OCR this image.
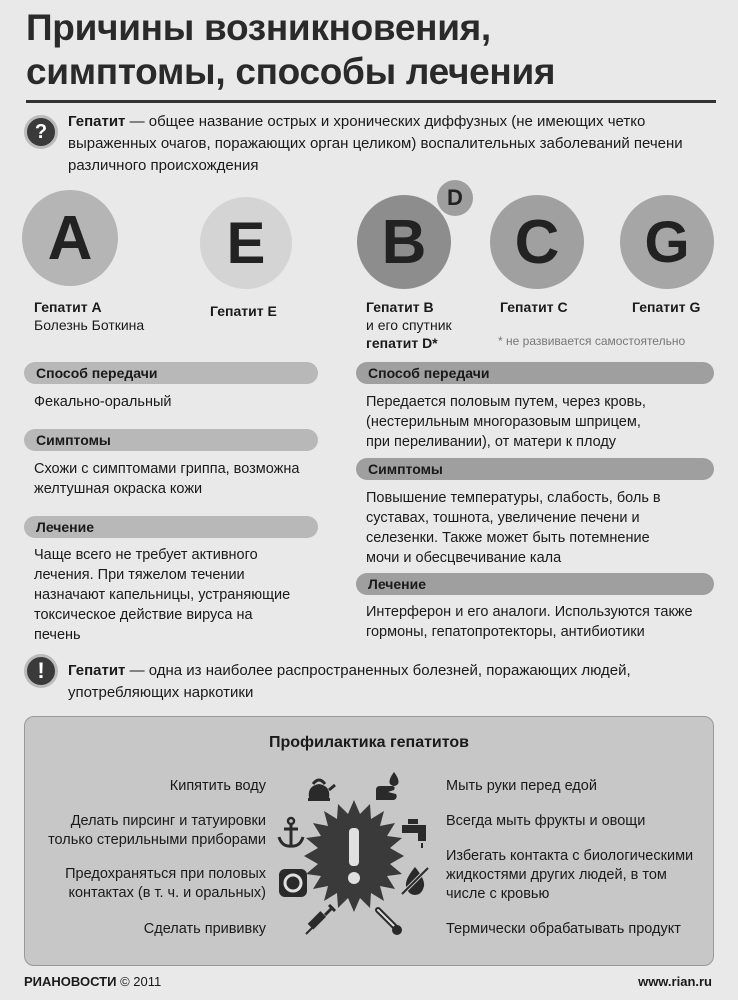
Причины возникновения,
симптомы, способы лечения
?	Гепатит — общее название острых и хронических диффузных (не имеющих четко выраженных очагов, поражающих орган целиком) воспалительных заболеваний печени различного происхождения
A E B
D
C G
Гепатит А
Болезнь Боткина
Гепатит Е	Гепатит В
и его спутник
гепатит D*
Гепатит С	Гепатит G
* не развивается самостоятельно
Способ передачи
Фекально-оральный
Симптомы
Схожи с симптомами гриппа, возможна желтушная окраска кожи
Лечение
Чаще всего не требует активного лечения. При тяжелом течении назначают капельницы, устраняющие токсическое действие вируса на печень
Способ передачи
Передается половым путем, через кровь, (нестерильным многоразовым шприцем, при переливании), от матери к плоду
Симптомы
Повышение температуры, слабость, боль в суставах, тошнота, увеличение печени и селезенки. Также может быть потемнение мочи и обесцвечивание кала
Лечение
Интерферон и его аналоги. Используются также гормоны, гепатопротекторы, антибиотики
!	Гепатит — одна из наиболее распространенных болезней, поражающих людей, употребляющих наркотики
Профилактика гепатитов
Кипятить воду
Делать пирсинг и татуировки только стерильными приборами
Предохраняться при половых контактах (в т. ч. и оральных)
Сделать прививку
Мыть руки перед едой
Всегда мыть фрукты и овощи
Избегать контакта с биологическими жидкостями других людей, в том числе с кровью
Термически обрабатывать продукт
РИАНОВОСТИ © 2011	www.rian.ru
